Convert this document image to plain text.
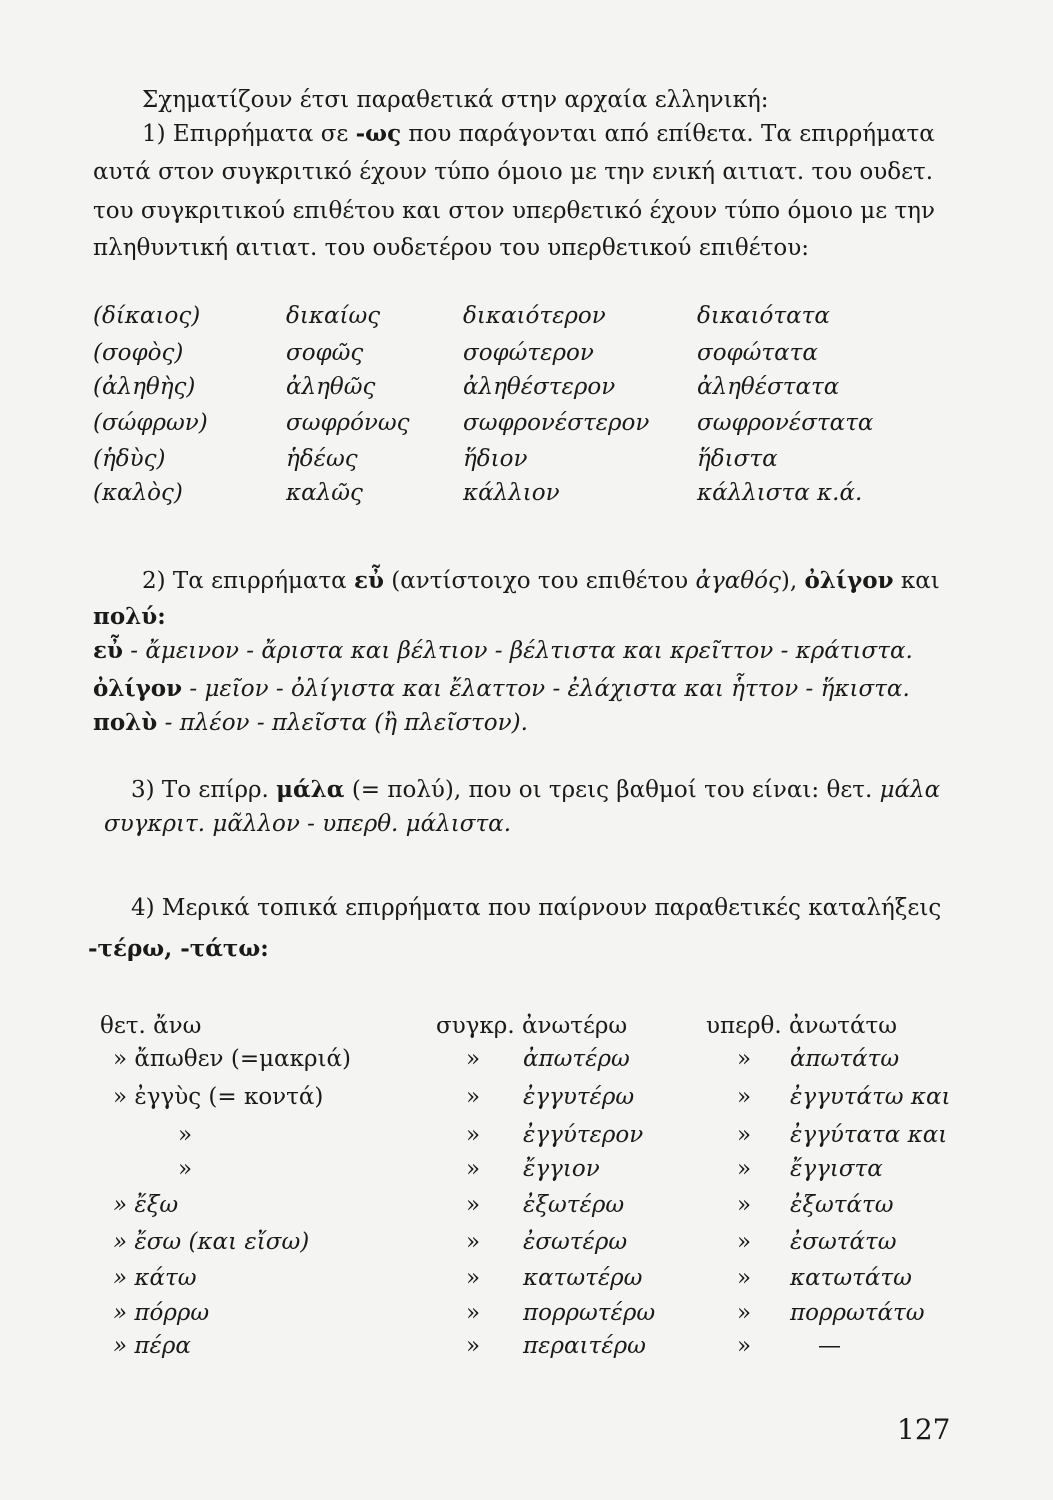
Σχηματίζουν έτσι παραθετικά στην αρχαία ελληνική:
1) Επιρρήματα σε -ως που παράγονται από επίθετα. Τα επιρρήματα
αυτά στον συγκριτικό έχουν τύπο όμοιο με την ενική αιτιατ. του ουδετ.
του συγκριτικού επιθέτου και στον υπερθετικό έχουν τύπο όμοιο με την
πληθυντική αιτιατ. του ουδετέρου του υπερθετικού επιθέτου:
(δίκαιος)	δικαίως	δικαιότερον	δικαιότατα
(σοφὸς)	σοφῶς	σοφώτερον	σοφώτατα
(ἀληθὴς)	ἀληθῶς	ἀληθέστερον	ἀληθέστατα
(σώφρων)	σωφρόνως σωφρονέστερον σωφρονέστατα
(ἡδὺς)	ἡδέως	ἥδιον	ἥδιστα
(καλὸς)	καλῶς	κάλλιον	κάλλιστα κ.ά.
2) Τα επιρρήματα εὖ (αντίστοιχο του επιθέτου ἀγαθός), ὀλίγον και
πολύ:
εὖ - ἄμεινον - ἄριστα και βέλτιον - βέλτιστα και κρεῖττον - κράτιστα.
ὀλίγον - μεῖον - ὀλίγιστα και ἔλαττον - ἐλάχιστα και ἧττον - ἥκιστα.
πολὺ - πλέον - πλεῖστα (ἢ πλεῖστον).
3) Το επίρρ. μάλα (= πολύ), που οι τρεις βαθμοί του είναι: θετ. μάλα
συγκριτ. μᾶλλον - υπερθ. μάλιστα.
4) Μερικά τοπικά επιρρήματα που παίρνουν παραθετικές καταλήξεις
-τέρω, -τάτω:
θετ. ἄνω	συγκρ. ἀνωτέρω	υπερθ. ἀνωτάτω
» ἄπωθεν (=μακριά)	» ἀπωτέρω	» ἀπωτάτω
» ἐγγὺς (= κοντά)	» ἐγγυτέρω	» ἐγγυτάτω και
»	» ἐγγύτερον	» ἐγγύτατα και
»	» ἔγγιον	» ἔγγιστα
» ἔξω	» ἐξωτέρω	» ἐξωτάτω
» ἔσω (και εἴσω)	» ἐσωτέρω	» ἐσωτάτω
» κάτω	» κατωτέρω	» κατωτάτω
» πόρρω	» πορρωτέρω	» πορρωτάτω
» πέρα	» περαιτέρω	»	—
127
